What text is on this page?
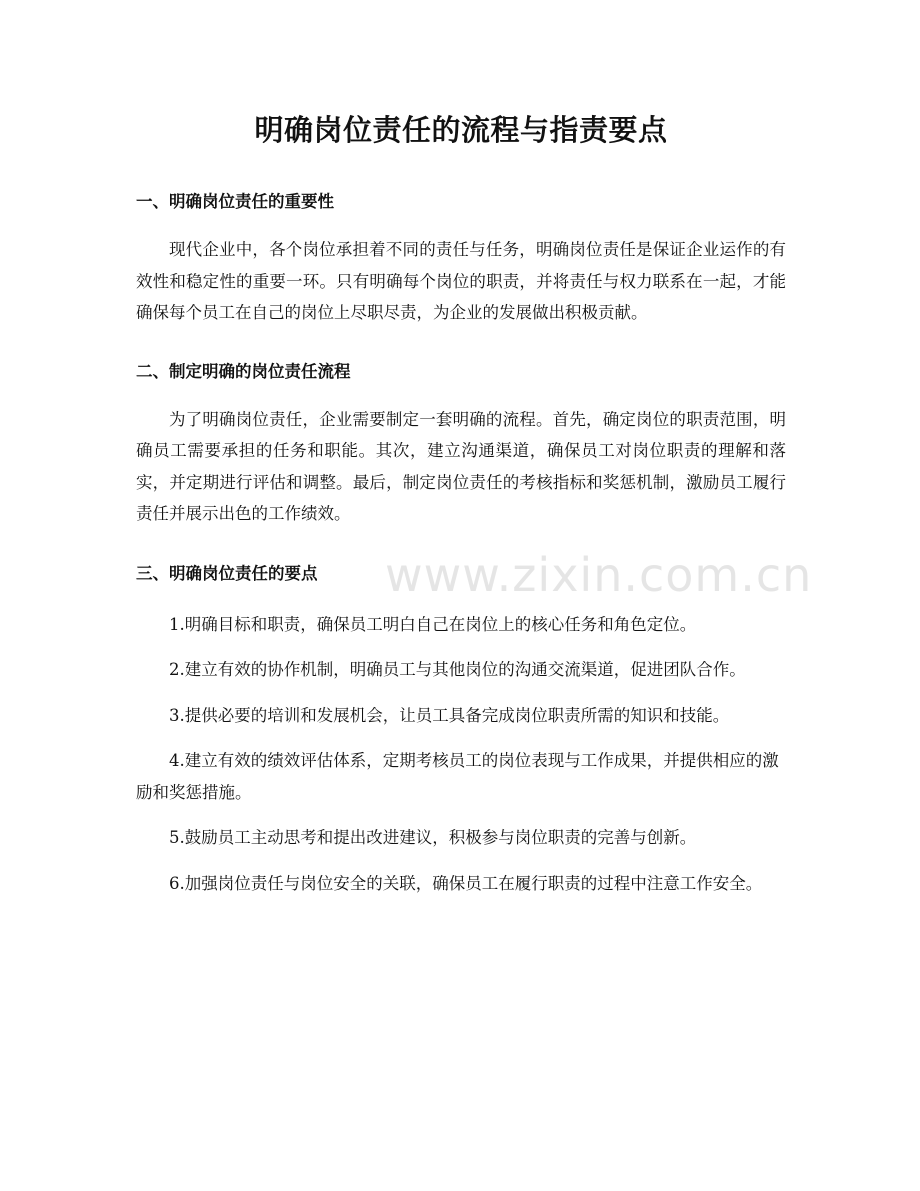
明确岗位责任的流程与指责要点
一、明确岗位责任的重要性

现代企业中，各个岗位承担着不同的责任与任务，明确岗位责任是保证企业运作的有效性和稳定性的重要一环。只有明确每个岗位的职责，并将责任与权力联系在一起，才能确保每个员工在自己的岗位上尽职尽责，为企业的发展做出积极贡献。

二、制定明确的岗位责任流程

为了明确岗位责任，企业需要制定一套明确的流程。首先，确定岗位的职责范围，明确员工需要承担的任务和职能。其次，建立沟通渠道，确保员工对岗位职责的理解和落实，并定期进行评估和调整。最后，制定岗位责任的考核指标和奖惩机制，激励员工履行责任并展示出色的工作绩效。

三、明确岗位责任的要点

1.明确目标和职责，确保员工明白自己在岗位上的核心任务和角色定位。

2.建立有效的协作机制，明确员工与其他岗位的沟通交流渠道，促进团队合作。

3.提供必要的培训和发展机会，让员工具备完成岗位职责所需的知识和技能。

4.建立有效的绩效评估体系，定期考核员工的岗位表现与工作成果，并提供相应的激励和奖惩措施。

5.鼓励员工主动思考和提出改进建议，积极参与岗位职责的完善与创新。

6.加强岗位责任与岗位安全的关联，确保员工在履行职责的过程中注意工作安全。

www.zixin.com.cn
